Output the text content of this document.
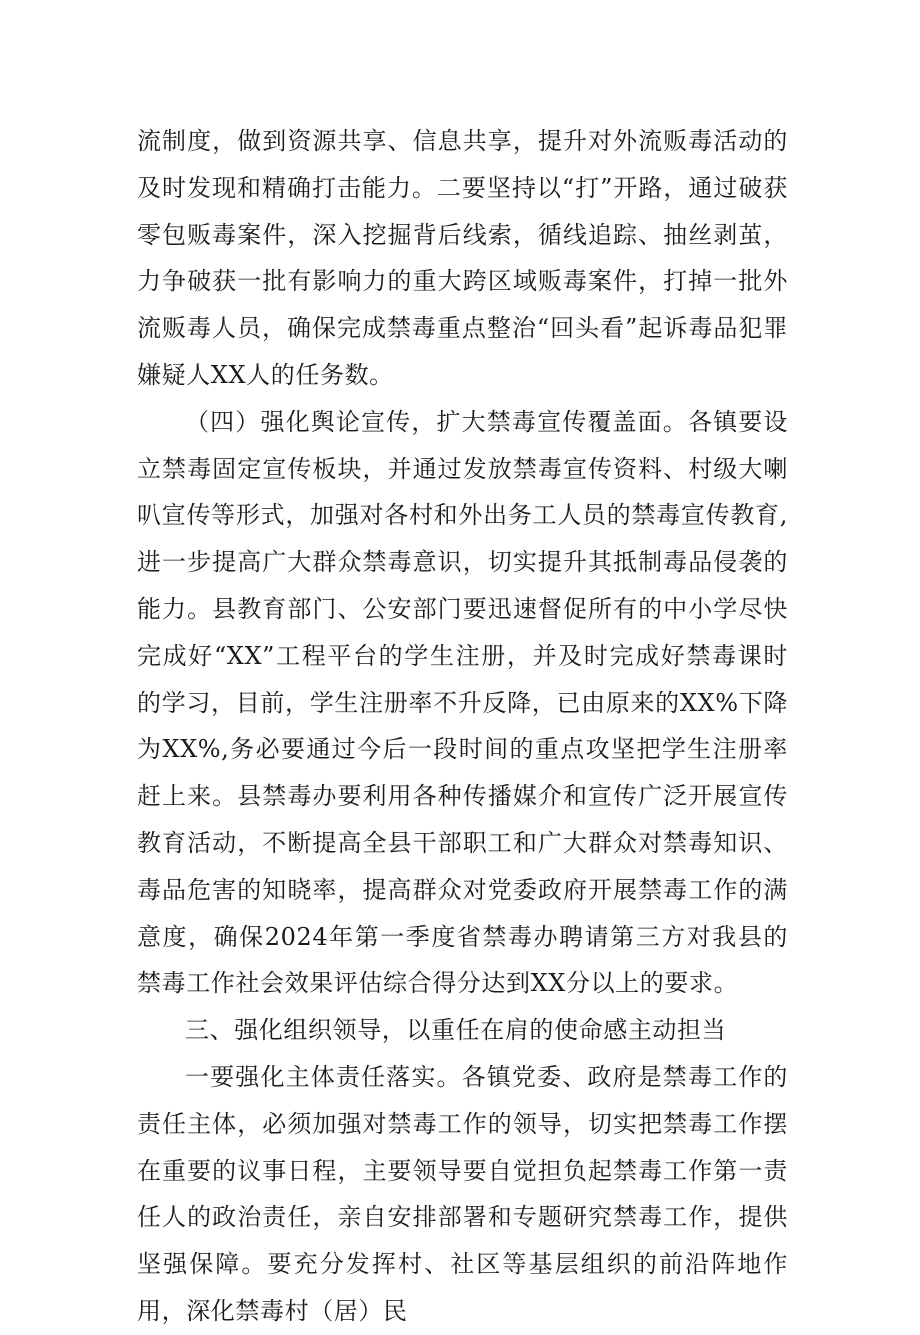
流制度，做到资源共享、信息共享，提升对外流贩毒活动的及时发现和精确打击能力。二要坚持以“打”开路，通过破获零包贩毒案件，深入挖掘背后线索，循线追踪、抽丝剥茧，力争破获一批有影响力的重大跨区域贩毒案件，打掉一批外流贩毒人员，确保完成禁毒重点整治“回头看”起诉毒品犯罪嫌疑人XX人的任务数。

（四）强化舆论宣传，扩大禁毒宣传覆盖面。各镇要设立禁毒固定宣传板块，并通过发放禁毒宣传资料、村级大喇叭宣传等形式，加强对各村和外出务工人员的禁毒宣传教育,进一步提高广大群众禁毒意识，切实提升其抵制毒品侵袭的能力。县教育部门、公安部门要迅速督促所有的中小学尽快完成好“XX”工程平台的学生注册，并及时完成好禁毒课时的学习，目前，学生注册率不升反降，已由原来的XX%下降为XX%,务必要通过今后一段时间的重点攻坚把学生注册率赶上来。县禁毒办要利用各种传播媒介和宣传广泛开展宣传教育活动，不断提高全县干部职工和广大群众对禁毒知识、毒品危害的知晓率，提高群众对党委政府开展禁毒工作的满意度，确保2024年第一季度省禁毒办聘请第三方对我县的禁毒工作社会效果评估综合得分达到XX分以上的要求。

三、强化组织领导，以重任在肩的使命感主动担当

一要强化主体责任落实。各镇党委、政府是禁毒工作的责任主体，必须加强对禁毒工作的领导，切实把禁毒工作摆在重要的议事日程，主要领导要自觉担负起禁毒工作第一责任人的政治责任，亲自安排部署和专题研究禁毒工作，提供坚强保障。要充分发挥村、社区等基层组织的前沿阵地作用，深化禁毒村（居）民
